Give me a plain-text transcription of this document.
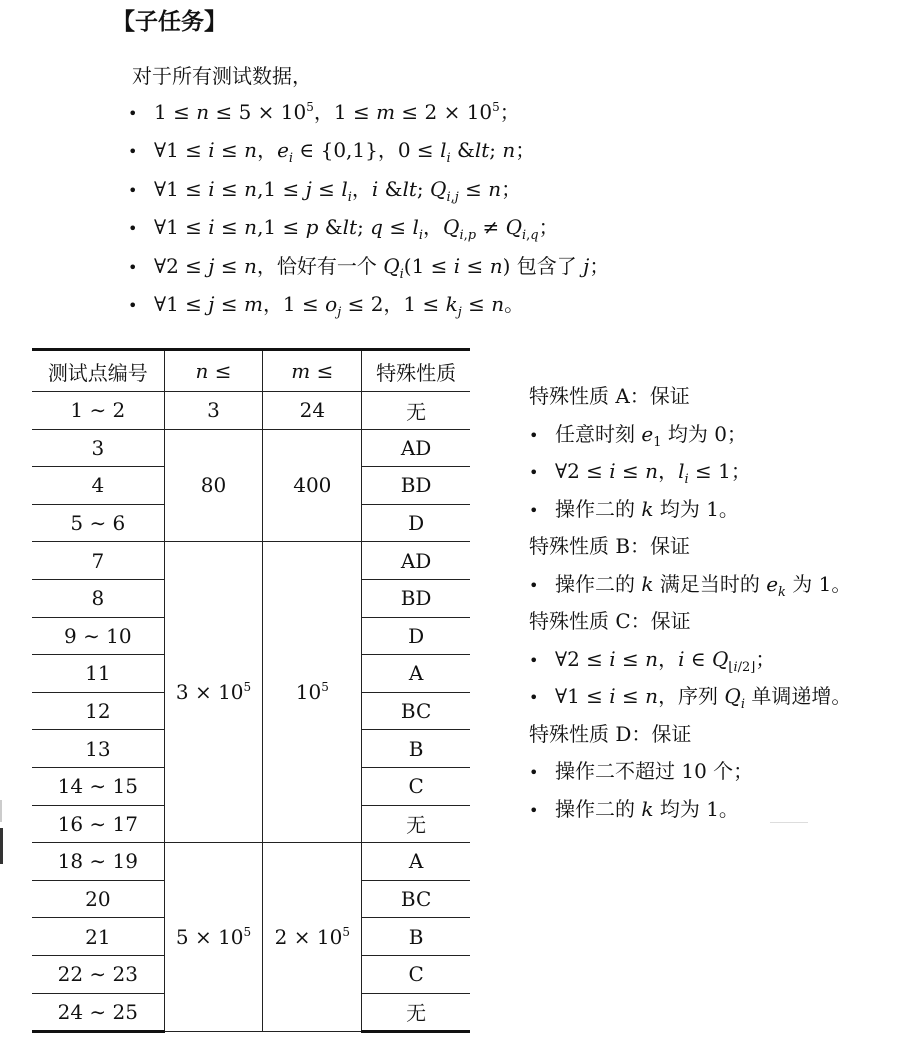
【子任务】
对于所有测试数据，
• $1 \le n \le 5 \times 10^5$，$1 \le m \le 2 \times 10^5$；
• ∀1 ≤ i ≤ n，$e_i$ ∈ {0,1}，$0 \le l_i$ &lt; n；
• ∀1 ≤ $i \le n,1 \le j \le l_i$，i &lt; $Q_{i,j} \le n$；
• ∀1 ≤ i ≤ n,1 ≤ p &lt; $q \le l_i$，$Q_{i,p} \ne Q_{i,q}$；
• ∀2 ≤ j ≤ n，恰好有一个 $Q_i(1 \le i \le n)$ 包含了 j；
• ∀1 ≤ j ≤ m，$1 \le o_j \le 2$，$1 \le k_j \le n$。
测试点编号	n ≤	m ≤	特殊性质
1 ∼ 2	3	24	无
3	80	400	AD
4			BD
5 ∼ 6			D
7	$3 \times 10^5$	$10^5$	AD
8			BD
9 ∼ 10			D
11			A
12			BC
13			B
14 ∼ 15			C
16 ∼ 17			无
18 ∼ 19	$5 \times 10^5$	$2 \times 10^5$	A
20			BC
21			B
22 ∼ 23			C
24 ∼ 25			无
特殊性质 A：保证
• 任意时刻 $e_1$ 均为 0；
• ∀2 ≤ i ≤ n，$l_i \le 1$；
• 操作二的 k 均为 1。
特殊性质 B：保证
• 操作二的 k 满足当时的 $e_k$ 为 1。
特殊性质 C：保证
• ∀2 ≤ i ≤ n，i ∈ $Q_{⌊i/2⌋}$；
• ∀1 ≤ i ≤ n，序列 $Q_i$ 单调递增。
特殊性质 D：保证
• 操作二不超过 10 个；
• 操作二的 k 均为 1。
